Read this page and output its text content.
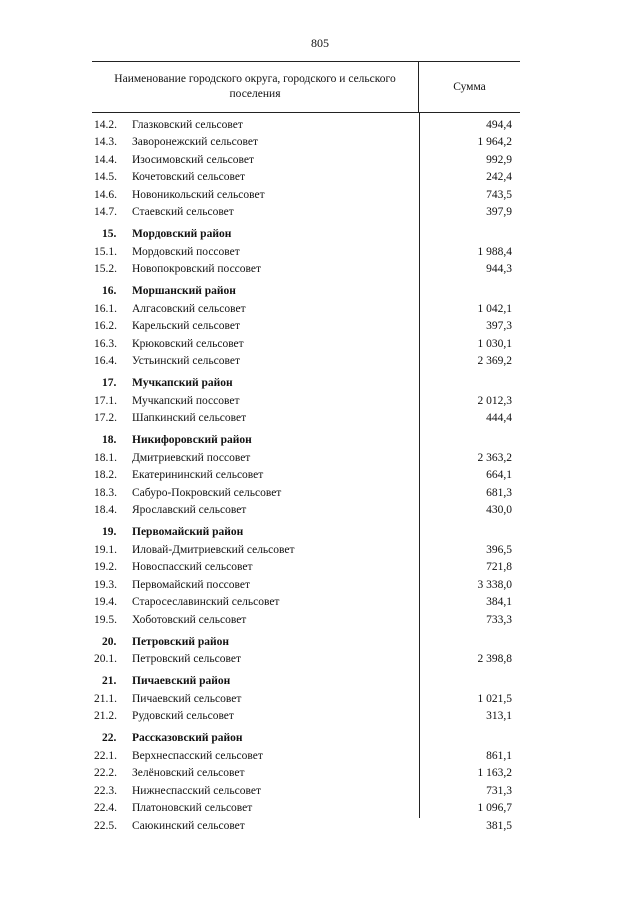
805
Наименование городского округа, городского и сельского поселения
Сумма
14.2.	Глазковский сельсовет	494,4
14.3.	Заворонежский сельсовет	1 964,2
14.4.	Изосимовский сельсовет	992,9
14.5.	Кочетовский сельсовет	242,4
14.6.	Новоникольский сельсовет	743,5
14.7.	Стаевский сельсовет	397,9
15.	Мордовский район
15.1.	Мордовский поссовет	1 988,4
15.2.	Новопокровский поссовет	944,3
16.	Моршанский район
16.1.	Алгасовский сельсовет	1 042,1
16.2.	Карельский сельсовет	397,3
16.3.	Крюковский сельсовет	1 030,1
16.4.	Устьинский сельсовет	2 369,2
17.	Мучкапский район
17.1.	Мучкапский поссовет	2 012,3
17.2.	Шапкинский сельсовет	444,4
18.	Никифоровский район
18.1.	Дмитриевский поссовет	2 363,2
18.2.	Екатерининский сельсовет	664,1
18.3.	Сабуро-Покровский сельсовет	681,3
18.4.	Ярославский сельсовет	430,0
19.	Первомайский район
19.1.	Иловай-Дмитриевский сельсовет	396,5
19.2.	Новоспасский сельсовет	721,8
19.3.	Первомайский поссовет	3 338,0
19.4.	Старосеславинский сельсовет	384,1
19.5.	Хоботовский сельсовет	733,3
20.	Петровский район
20.1.	Петровский сельсовет	2 398,8
21.	Пичаевский район
21.1.	Пичаевский сельсовет	1 021,5
21.2.	Рудовский сельсовет	313,1
22.	Рассказовский район
22.1.	Верхнеспасский сельсовет	861,1
22.2.	Зелёновский сельсовет	1 163,2
22.3.	Нижнеспасский сельсовет	731,3
22.4.	Платоновский сельсовет	1 096,7
22.5.	Саюкинский сельсовет	381,5
